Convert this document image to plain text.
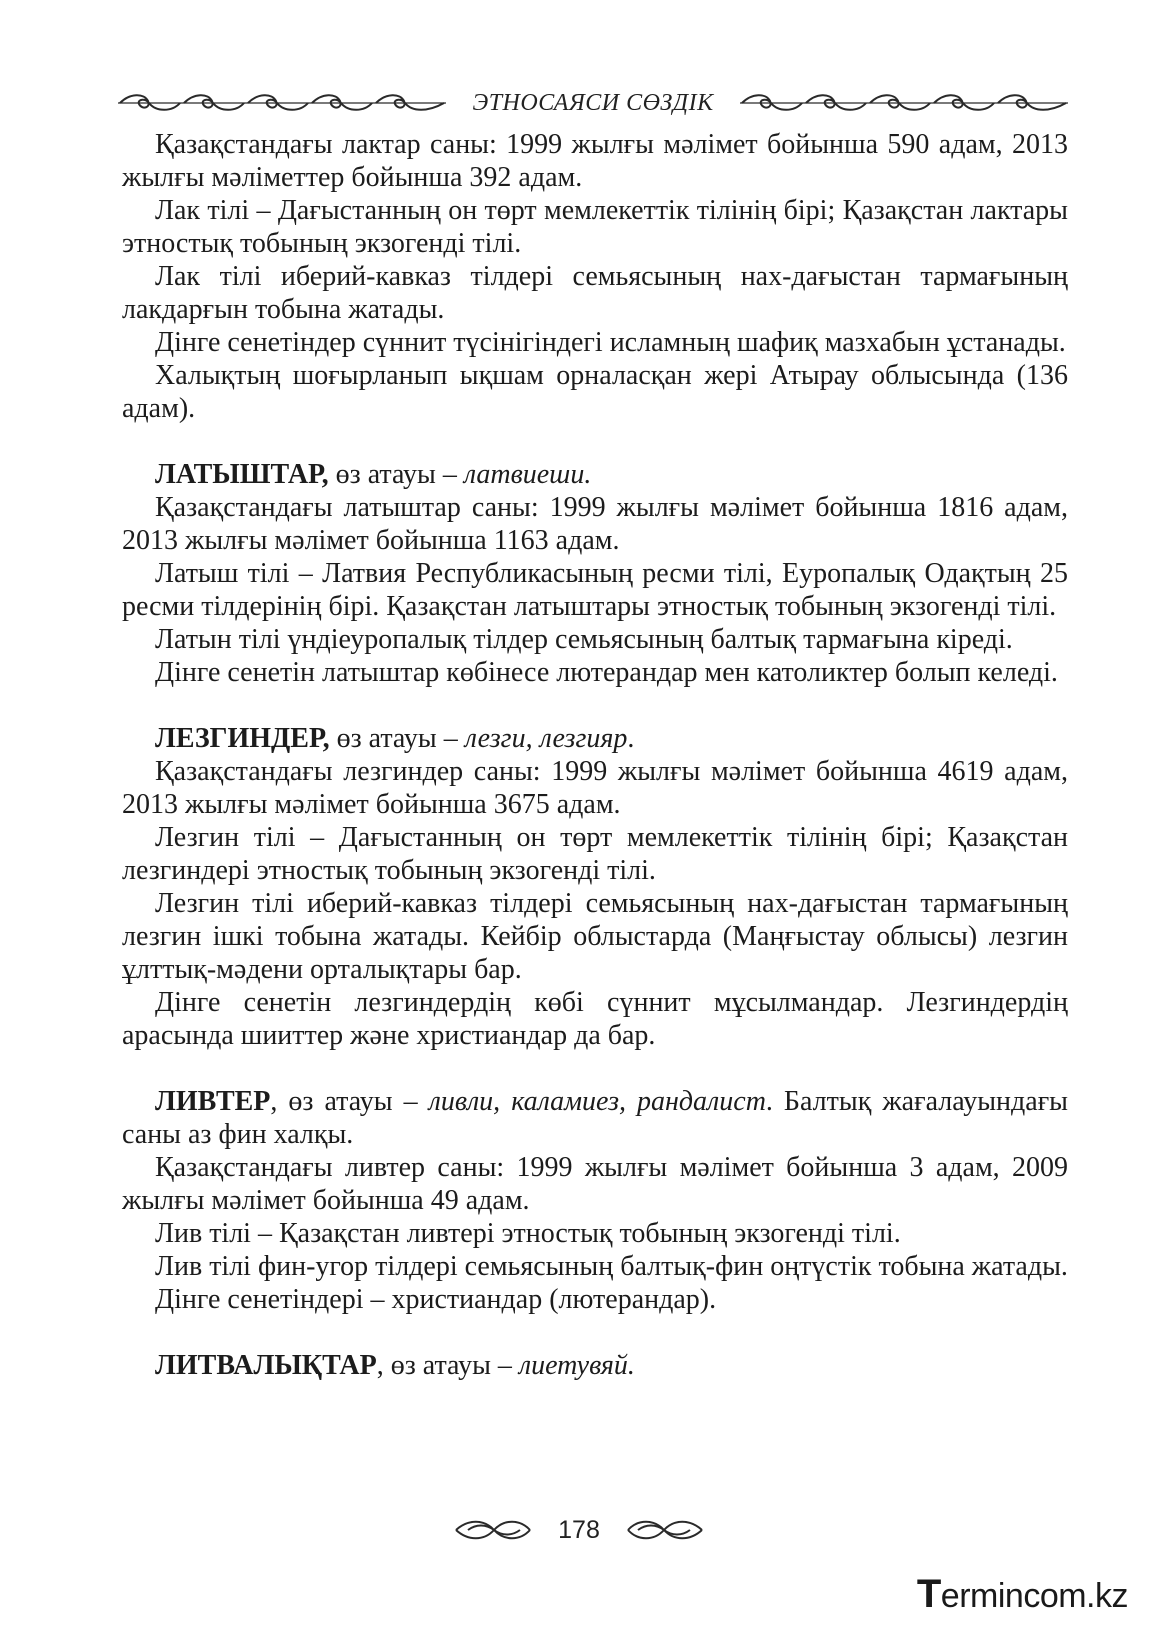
ЭТНОСАЯСИ СӨЗДІК

Қазақстандағы лактар саны: 1999 жылғы мәлімет бойынша 590 адам, 2013 жылғы мәліметтер бойынша 392 адам.

Лак тілі – Дағыстанның он төрт мемлекеттік тілінің бірі; Қазақстан лактары этностық тобының экзогенді тілі.

Лак тілі иберий-кавказ тілдері семьясының нах-дағыстан тармағының лакдарғын тобына жатады.

Дінге сенетіндер сүннит түсінігіндегі исламның шафиқ мазхабын ұстанады.

Халықтың шоғырланып ықшам орналасқан жері Атырау облысында (136 адам).

ЛАТЫШТАР, өз атауы – латвиеши.

Қазақстандағы латыштар саны: 1999 жылғы мәлімет бойынша 1816 адам, 2013 жылғы мәлімет бойынша 1163 адам.

Латыш тілі – Латвия Республикасының ресми тілі, Еуропалық Одақтың 25 ресми тілдерінің бірі. Қазақстан латыштары этностық тобының экзогенді тілі.

Латын тілі үндіеуропалық тілдер семьясының балтық тармағына кіреді.

Дінге сенетін латыштар көбінесе лютерандар мен католиктер болып келеді.

ЛЕЗГИНДЕР, өз атауы – лезги, лезгияр.

Қазақстандағы лезгиндер саны: 1999 жылғы мәлімет бойынша 4619 адам, 2013 жылғы мәлімет бойынша 3675 адам.

Лезгин тілі – Дағыстанның он төрт мемлекеттік тілінің бірі; Қазақстан лезгиндері этностық тобының экзогенді тілі.

Лезгин тілі иберий-кавказ тілдері семьясының нах-дағыстан тармағының лезгин ішкі тобына жатады. Кейбір облыстарда (Маңғыстау облысы) лезгин ұлттық-мәдени орталықтары бар.

Дінге сенетін лезгиндердің көбі сүннит мұсылмандар. Лезгиндердің арасында шииттер және христиандар да бар.

ЛИВТЕР, өз атауы – ливли, каламиез, рандалист. Балтық жағалауындағы саны аз фин халқы.

Қазақстандағы ливтер саны: 1999 жылғы мәлімет бойынша 3 адам, 2009 жылғы мәлімет бойынша 49 адам.

Лив тілі – Қазақстан ливтері этностық тобының экзогенді тілі.

Лив тілі фин-угор тілдері семьясының балтық-фин оңтүстік тобына жатады.

Дінге сенетіндері – христиандар (лютерандар).

ЛИТВАЛЫҚТАР, өз атауы – лиетувяй.

178
Termincom.kz
